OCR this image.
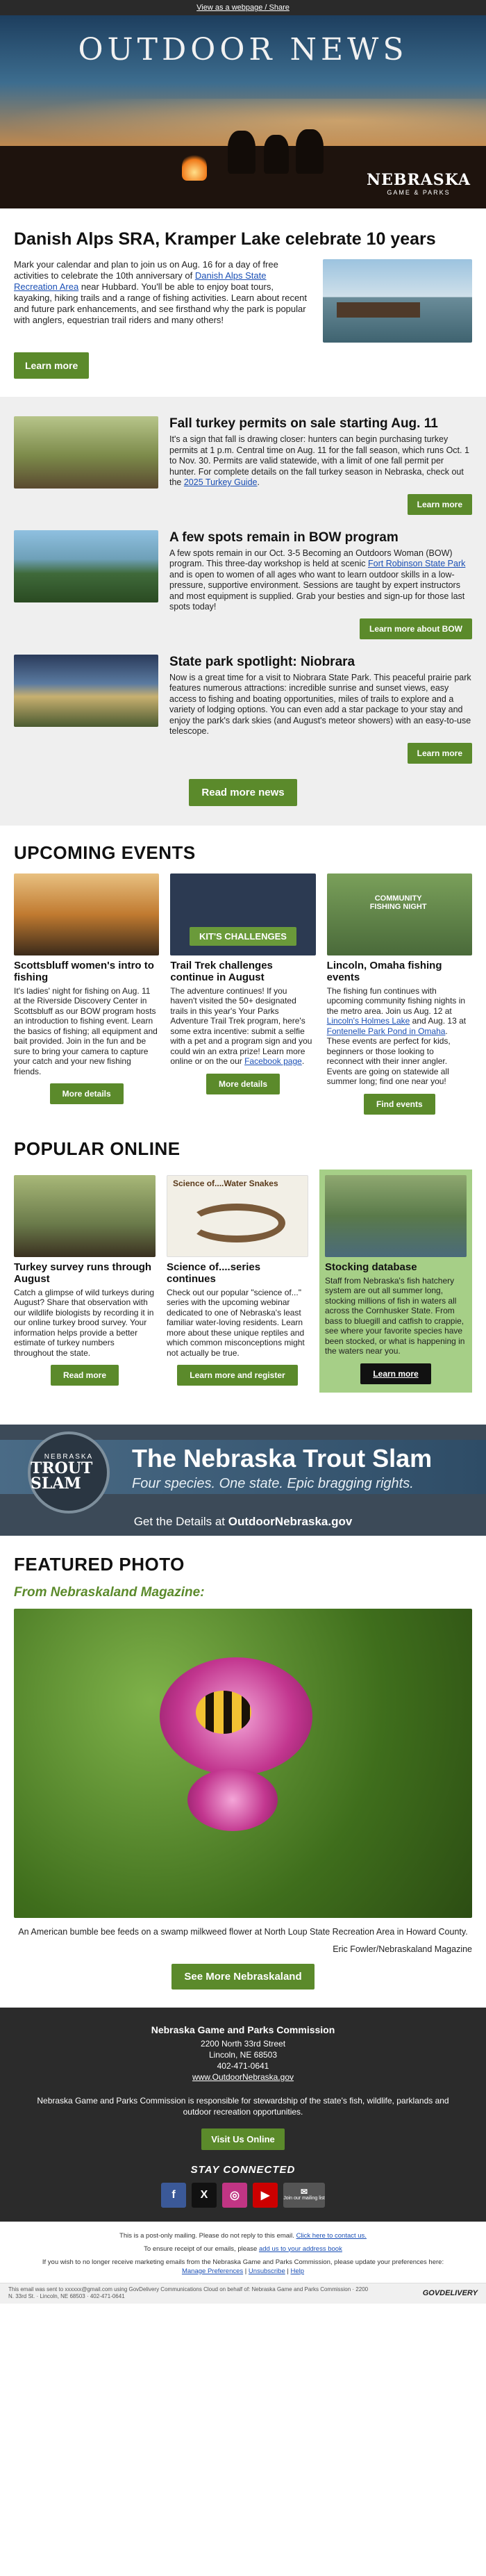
View as a webpage / Share
OUTDOOR NEWS
NEBRASKA
GAME & PARKS
Danish Alps SRA, Kramper Lake celebrate 10 years
Mark your calendar and plan to join us on Aug. 16 for a day of free activities to celebrate the 10th anniversary of Danish Alps State Recreation Area near Hubbard. You'll be able to enjoy boat tours, kayaking, hiking trails and a range of fishing activities. Learn about recent and future park enhancements, and see firsthand why the park is popular with anglers, equestrian trail riders and many others!
Learn more
Fall turkey permits on sale starting Aug. 11

It's a sign that fall is drawing closer: hunters can begin purchasing turkey permits at 1 p.m. Central time on Aug. 11 for the fall season, which runs Oct. 1 to Nov. 30. Permits are valid statewide, with a limit of one fall permit per hunter. For complete details on the fall turkey season in Nebraska, check out the 2025 Turkey Guide.

Learn more
A few spots remain in BOW program

A few spots remain in our Oct. 3-5 Becoming an Outdoors Woman (BOW) program. This three-day workshop is held at scenic Fort Robinson State Park and is open to women of all ages who want to learn outdoor skills in a low-pressure, supportive environment. Sessions are taught by expert instructors and most equipment is supplied. Grab your besties and sign-up for those last spots today!

Learn more about BOW
State park spotlight: Niobrara

Now is a great time for a visit to Niobrara State Park. This peaceful prairie park features numerous attractions: incredible sunrise and sunset views, easy access to fishing and boating opportunities, miles of trails to explore and a variety of lodging options. You can even add a star package to your stay and enjoy the park's dark skies (and August's meteor showers) with an easy-to-use telescope.

Learn more
Read more news
UPCOMING EVENTS
Scottsbluff women's intro to fishing

It's ladies' night for fishing on Aug. 11 at the Riverside Discovery Center in Scottsbluff as our BOW program hosts an introduction to fishing event. Learn the basics of fishing; all equipment and bait provided. Join in the fun and be sure to bring your camera to capture your catch and your new fishing friends.

More details
KIT'S CHALLENGES
Trail Trek challenges continue in August

The adventure continues! If you haven't visited the 50+ designated trails in this year's Your Parks Adventure Trail Trek program, here's some extra incentive: submit a selfie with a pet and a program sign and you could win an extra prize! Learn more online or on the our Facebook page.

More details
COMMUNITY FISHING NIGHT
Lincoln, Omaha fishing events

The fishing fun continues with upcoming community fishing nights in the metro area. Join us Aug. 12 at Lincoln's Holmes Lake and Aug. 13 at Fontenelle Park Pond in Omaha. These events are perfect for kids, beginners or those looking to reconnect with their inner angler. Events are going on statewide all summer long; find one near you!

Find events
POPULAR ONLINE
Turkey survey runs through August

Catch a glimpse of wild turkeys during August? Share that observation with our wildlife biologists by recording it in our online turkey brood survey. Your information helps provide a better estimate of turkey numbers throughout the state.

Read more
Science of....Water Snakes
Science of....series continues

Check out our popular "science of..." series with the upcoming webinar dedicated to one of Nebraska's least familiar water-loving residents. Learn more about these unique reptiles and which common misconceptions might not actually be true.

Learn more and register
Stocking database

Staff from Nebraska's fish hatchery system are out all summer long, stocking millions of fish in waters all across the Cornhusker State. From bass to bluegill and catfish to crappie, see where your favorite species have been stocked, or what is happening in the waters near you.

Learn more
NEBRASKA
TROUT SLAM
The Nebraska Trout Slam
Four species. One state. Epic bragging rights.
Get the Details at OutdoorNebraska.gov
FEATURED PHOTO
From Nebraskaland Magazine:
An American bumble bee feeds on a swamp milkweed flower at North Loup State Recreation Area in Howard County.
Eric Fowler/Nebraskaland Magazine
See More Nebraskaland
Nebraska Game and Parks Commission
2200 North 33rd Street
Lincoln, NE 68503
402-471-0641
www.OutdoorNebraska.gov
Nebraska Game and Parks Commission is responsible for stewardship of the state's fish, wildlife, parklands and outdoor recreation opportunities.
Visit Us Online
STAY CONNECTED
f	X	◎	▶	✉
Join our mailing list
This is a post-only mailing. Please do not reply to this email. Click here to contact us.
To ensure receipt of our emails, please add us to your address book
If you wish to no longer receive marketing emails from the Nebraska Game and Parks Commission, please update your preferences here:
Manage Preferences | Unsubscribe | Help
This email was sent to xxxxxx@gmail.com using GovDelivery Communications Cloud on behalf of: Nebraska Game and Parks Commission · 2200 N. 33rd St. · Lincoln, NE 68503 · 402-471-0641	GOVDELIVERY
